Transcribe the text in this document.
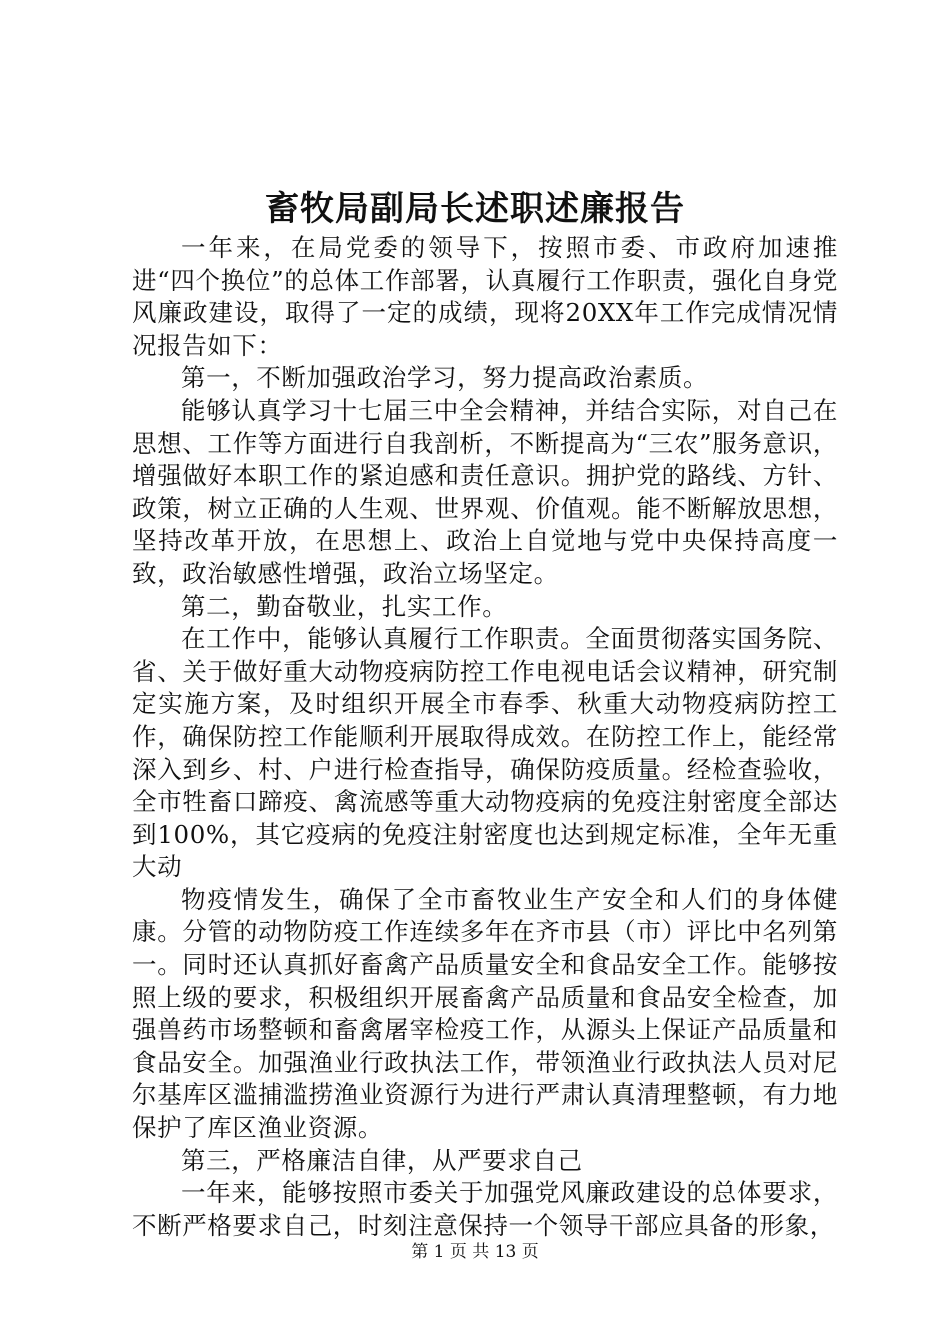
畜牧局副局长述职述廉报告

一年来，在局党委的领导下，按照市委、市政府加速推进“四个换位”的总体工作部署，认真履行工作职责，强化自身党风廉政建设，取得了一定的成绩，现将20XX年工作完成情况情况报告如下：

第一，不断加强政治学习，努力提高政治素质。

能够认真学习十七届三中全会精神，并结合实际，对自己在思想、工作等方面进行自我剖析，不断提高为“三农”服务意识，增强做好本职工作的紧迫感和责任意识。拥护党的路线、方针、政策，树立正确的人生观、世界观、价值观。能不断解放思想，坚持改革开放，在思想上、政治上自觉地与党中央保持高度一致，政治敏感性增强，政治立场坚定。

第二，勤奋敬业，扎实工作。

在工作中，能够认真履行工作职责。全面贯彻落实国务院、省、关于做好重大动物疫病防控工作电视电话会议精神，研究制定实施方案，及时组织开展全市春季、秋重大动物疫病防控工作，确保防控工作能顺利开展取得成效。在防控工作上，能经常深入到乡、村、户进行检查指导，确保防疫质量。经检查验收，全市牲畜口蹄疫、禽流感等重大动物疫病的免疫注射密度全部达到100%，其它疫病的免疫注射密度也达到规定标准，全年无重大动

物疫情发生，确保了全市畜牧业生产安全和人们的身体健康。分管的动物防疫工作连续多年在齐市县（市）评比中名列第一。同时还认真抓好畜禽产品质量安全和食品安全工作。能够按照上级的要求，积极组织开展畜禽产品质量和食品安全检查，加强兽药市场整顿和畜禽屠宰检疫工作，从源头上保证产品质量和食品安全。加强渔业行政执法工作，带领渔业行政执法人员对尼尔基库区滥捕滥捞渔业资源行为进行严肃认真清理整顿，有力地保护了库区渔业资源。

第三，严格廉洁自律，从严要求自己

一年来，能够按照市委关于加强党风廉政建设的总体要求，不断严格要求自己，时刻注意保持一个领导干部应具备的形象，

第 1 页 共 13 页
